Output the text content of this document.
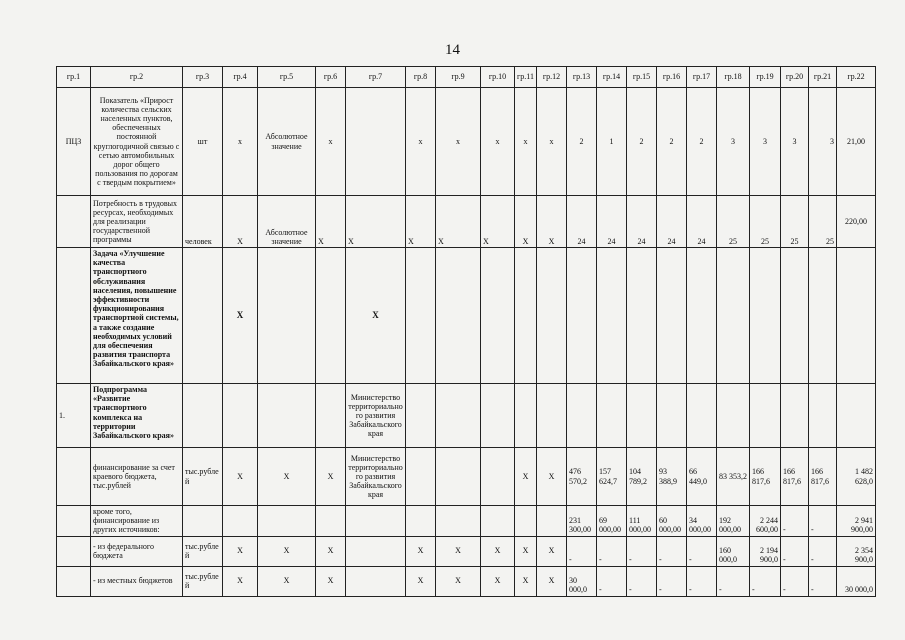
14
гр.1	гр.2	гр.3	гр.4	гр.5	гр.6	гр.7	гр.8	гр.9	гр.10	гр.11	гр.12	гр.13	гр.14	гр.15	гр.16	гр.17	гр.18	гр.19	гр.20	гр.21	гр.22
ПЦ3	Показатель «Прирост количества сельских населенных пунктов, обеспеченных постоянной круглогодичной связью с сетью автомобильных дорог общего пользования по дорогам с твердым покрытием»	шт	x	Абсолютное значение	x		x	x	x	x	x	2	1	2	2	2	3	3	3	3	21,00
	Потребность в трудовых ресурсах, необходимых для реализации государственной программы	человек	X	Абсолютное значение	X	X	X	X	X	X	X	24	24	24	24	24	25	25	25	25	220,00
	Задача «Улучшение качества транспортного обслуживания населения, повышение эффективности функционирования транспортной системы, а также создание необходимых условий для обеспечения развития транспорта Забайкальского края»		X			X															
1.	Подпрограмма «Развитие транспортного комплекса на территории Забайкальского края»					Министерство территориального развития Забайкальского края															
	финансирование за счет краевого бюджета, тыс.рублей	тыс.рублей	X	X	X	Министерство территориального развития Забайкальского края				X	X	476 570,2	157 624,7	104 789,2	93 388,9	66 449,0	83 353,2	166 817,6	166 817,6	166 817,6	1 482 628,0
	кроме того, финансирование из других источников:											231 300,00	69 000,00	111 000,00	60 000,00	34 000,00	192 000,00	2 244 600,00	-	-	2 941 900,00
	- из федерального бюджета	тыс.рублей	X	X	X		X	X	X	X	X	-	-	-	-	-	160 000,0	2 194 900,0	-	-	2 354 900,0
	- из местных бюджетов	тыс.рублей	X	X	X		X	X	X	X	X	30 000,0	-	-	-	-	-	-	-	-	30 000,0
